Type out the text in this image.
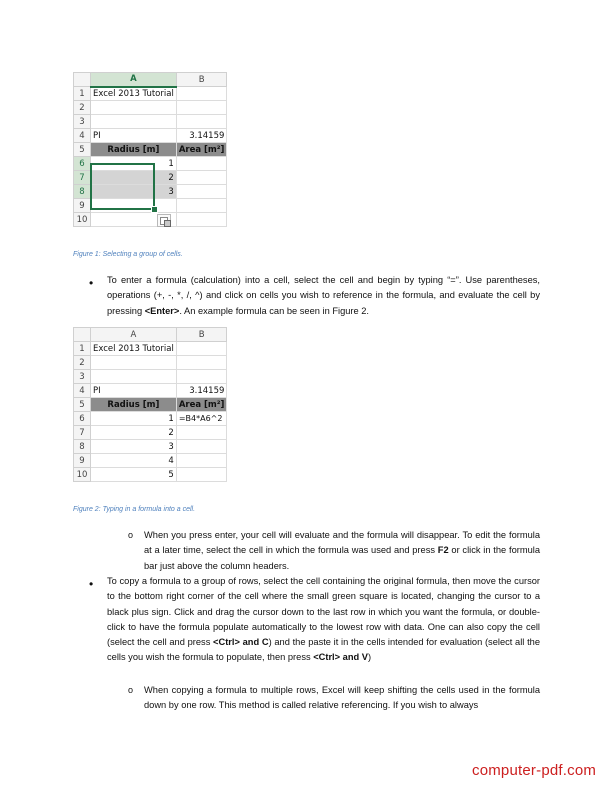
	A	B
1	Excel 2013 Tutorial	
2		
3		
4	PI	3.14159
5	Radius [m]	Area [m²]
6	1	
7	2	
8	3	
9		
10		
Figure 1: Selecting a group of cells.
• To enter a formula (calculation) into a cell, select the cell and begin by typing “=”. Use parentheses, operations (+, -, *, /, ^) and click on cells you wish to reference in the formula, and evaluate the cell by pressing <Enter>. An example formula can be seen in Figure 2.
	A	B
1	Excel 2013 Tutorial	
2		
3		
4	PI	3.14159
5	Radius [m]	Area [m²]
6	1	=B4*A6^2
7	2	
8	3	
9	4	
10	5	
Figure 2: Typing in a formula into a cell.
o When you press enter, your cell will evaluate and the formula will disappear. To edit the formula at a later time, select the cell in which the formula was used and press F2 or click in the formula bar just above the column headers.
• To copy a formula to a group of rows, select the cell containing the original formula, then move the cursor to the bottom right corner of the cell where the small green square is located, changing the cursor to a black plus sign. Click and drag the cursor down to the last row in which you want the formula, or double-click to have the formula populate automatically to the lowest row with data. One can also copy the cell (select the cell and press <Ctrl> and C) and the paste it in the cells intended for evaluation (select all the cells you wish the formula to populate, then press <Ctrl> and V)
o When copying a formula to multiple rows, Excel will keep shifting the cells used in the formula down by one row. This method is called relative referencing. If you wish to always
computer-pdf.com
